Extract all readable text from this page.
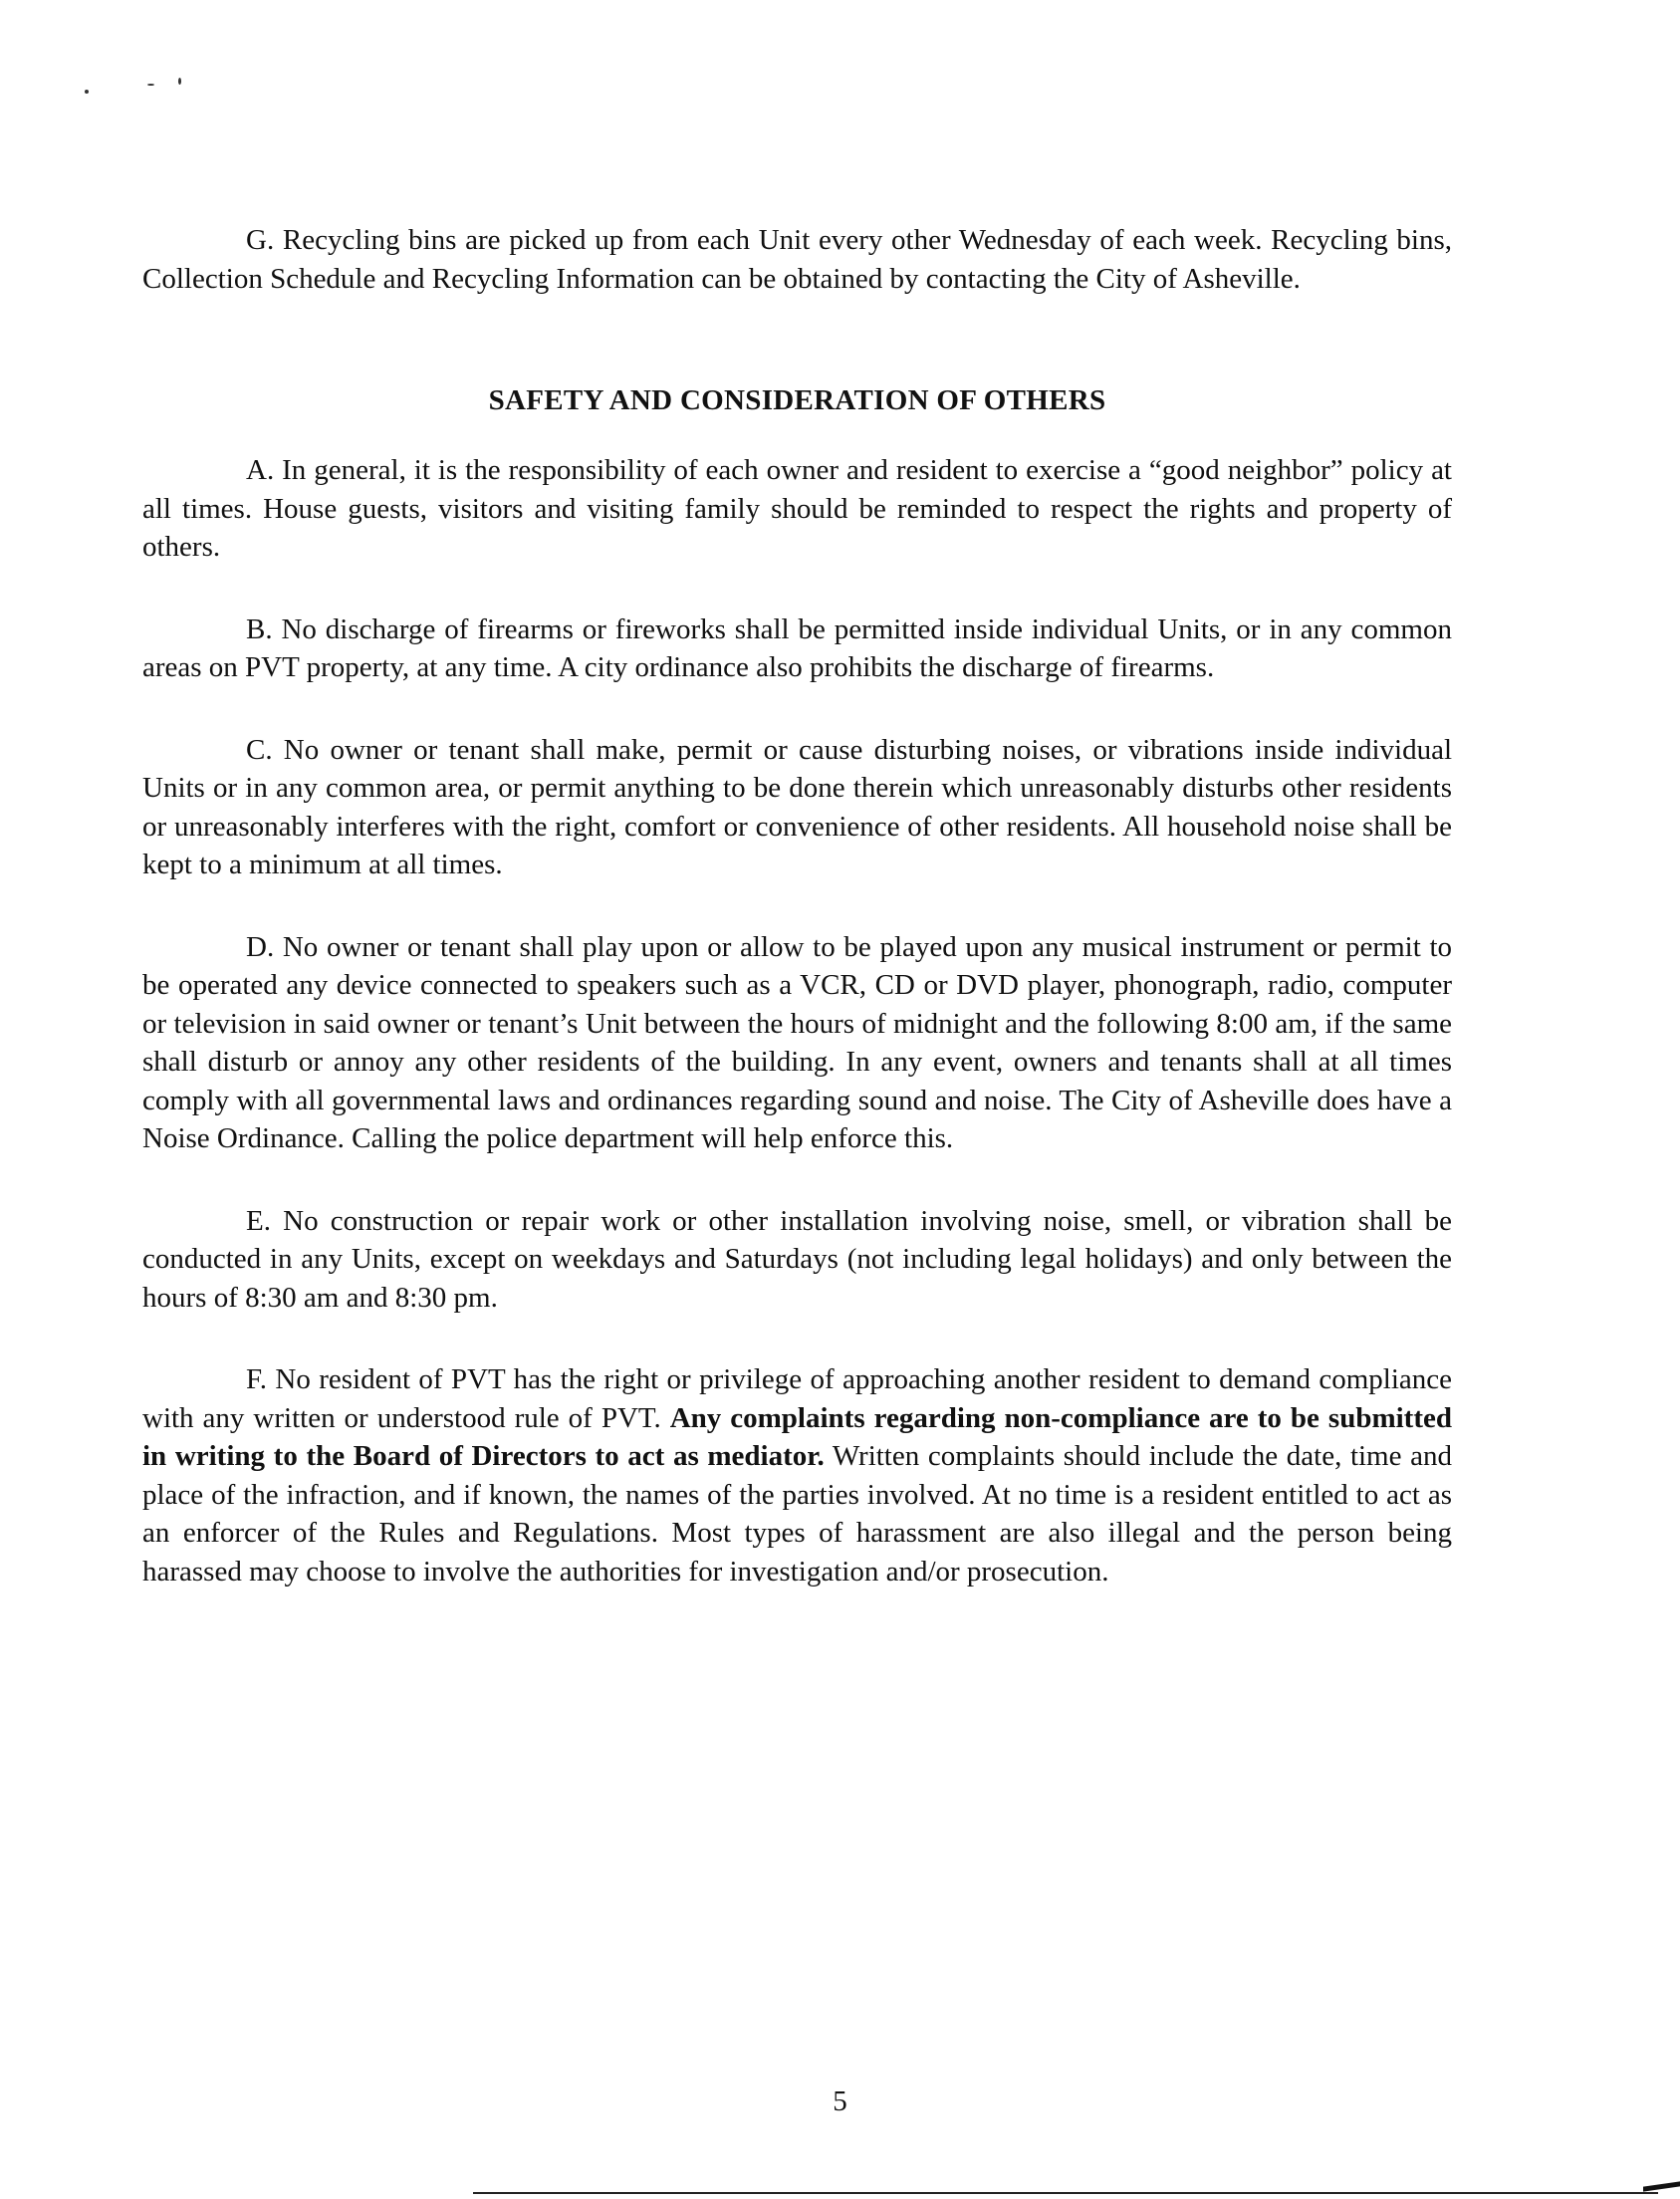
G. Recycling bins are picked up from each Unit every other Wednesday of each week. Recycling bins, Collection Schedule and Recycling Information can be obtained by contacting the City of Asheville.

SAFETY AND CONSIDERATION OF OTHERS

A. In general, it is the responsibility of each owner and resident to exercise a “good neighbor” policy at all times. House guests, visitors and visiting family should be reminded to respect the rights and property of others.

B. No discharge of firearms or fireworks shall be permitted inside individual Units, or in any common areas on PVT property, at any time. A city ordinance also prohibits the discharge of firearms.

C. No owner or tenant shall make, permit or cause disturbing noises, or vibrations inside individual Units or in any common area, or permit anything to be done therein which unreasonably disturbs other residents or unreasonably interferes with the right, comfort or convenience of other residents. All household noise shall be kept to a minimum at all times.

D. No owner or tenant shall play upon or allow to be played upon any musical instrument or permit to be operated any device connected to speakers such as a VCR, CD or DVD player, phonograph, radio, computer or television in said owner or tenant’s Unit between the hours of midnight and the following 8:00 am, if the same shall disturb or annoy any other residents of the building. In any event, owners and tenants shall at all times comply with all governmental laws and ordinances regarding sound and noise. The City of Asheville does have a Noise Ordinance. Calling the police department will help enforce this.

E. No construction or repair work or other installation involving noise, smell, or vibration shall be conducted in any Units, except on weekdays and Saturdays (not including legal holidays) and only between the hours of 8:30 am and 8:30 pm.

F. No resident of PVT has the right or privilege of approaching another resident to demand compliance with any written or understood rule of PVT. Any complaints regarding non-compliance are to be submitted in writing to the Board of Directors to act as mediator. Written complaints should include the date, time and place of the infraction, and if known, the names of the parties involved. At no time is a resident entitled to act as an enforcer of the Rules and Regulations. Most types of harassment are also illegal and the person being harassed may choose to involve the authorities for investigation and/or prosecution.

5
